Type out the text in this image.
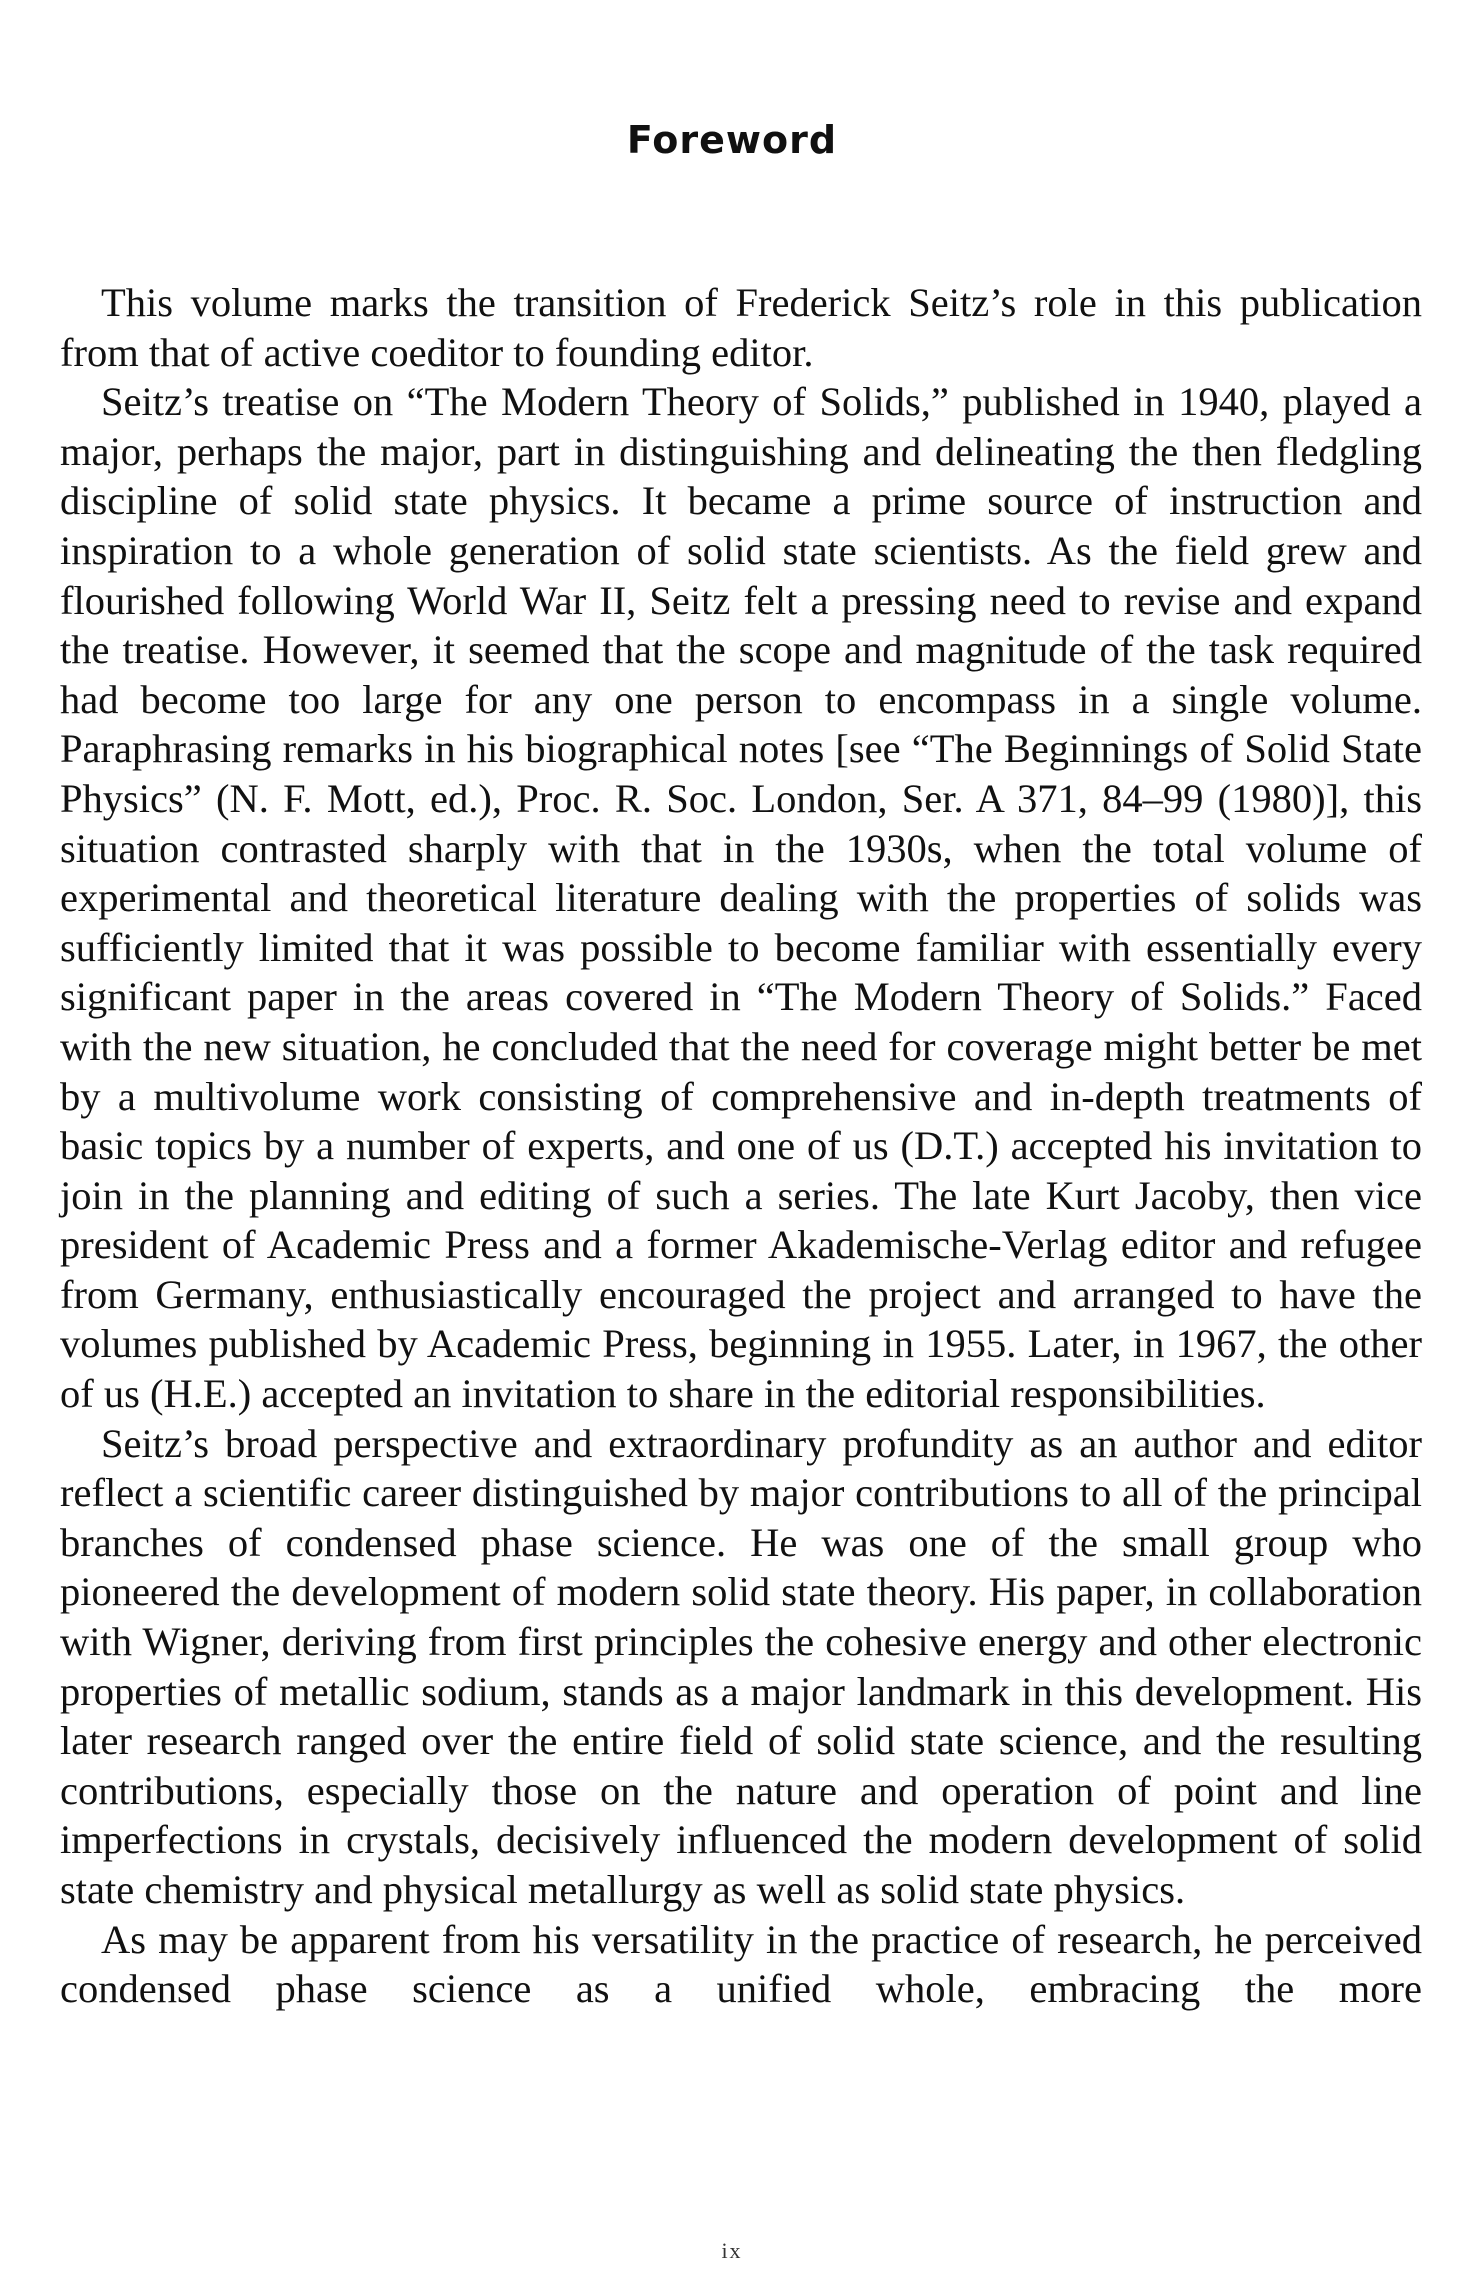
Foreword

This volume marks the transition of Frederick Seitz’s role in this publication from that of active coeditor to founding editor.

Seitz’s treatise on “The Modern Theory of Solids,” published in 1940, played a major, perhaps the major, part in distinguishing and delineating the then fledgling discipline of solid state physics. It became a prime source of instruction and inspiration to a whole generation of solid state scientists. As the field grew and flourished following World War II, Seitz felt a pressing need to revise and expand the treatise. However, it seemed that the scope and magnitude of the task required had become too large for any one person to encompass in a single volume. Paraphrasing remarks in his biographical notes [see “The Beginnings of Solid State Physics” (N. F. Mott, ed.), Proc. R. Soc. London, Ser. A 371, 84–99 (1980)], this situation contrasted sharply with that in the 1930s, when the total volume of experimental and theoretical literature dealing with the properties of solids was sufficiently limited that it was possible to become familiar with essentially every significant paper in the areas covered in “The Modern Theory of Solids.” Faced with the new situation, he concluded that the need for coverage might better be met by a multivolume work consisting of comprehensive and in-depth treatments of basic topics by a number of experts, and one of us (D.T.) accepted his invitation to join in the planning and editing of such a series. The late Kurt Jacoby, then vice president of Academic Press and a former Akademische-Verlag editor and refugee from Germany, enthusiastically encouraged the project and arranged to have the volumes published by Academic Press, beginning in 1955. Later, in 1967, the other of us (H.E.) accepted an invitation to share in the editorial responsibilities.

Seitz’s broad perspective and extraordinary profundity as an author and editor reflect a scientific career distinguished by major contributions to all of the principal branches of condensed phase science. He was one of the small group who pioneered the development of modern solid state theory. His paper, in collaboration with Wigner, deriving from first principles the cohesive energy and other electronic properties of metallic sodium, stands as a major landmark in this development. His later research ranged over the entire field of solid state science, and the resulting contributions, especially those on the nature and operation of point and line imperfections in crystals, decisively influenced the modern development of solid state chemistry and physical metallurgy as well as solid state physics.

As may be apparent from his versatility in the practice of research, he perceived condensed phase science as a unified whole, embracing the more

ix
